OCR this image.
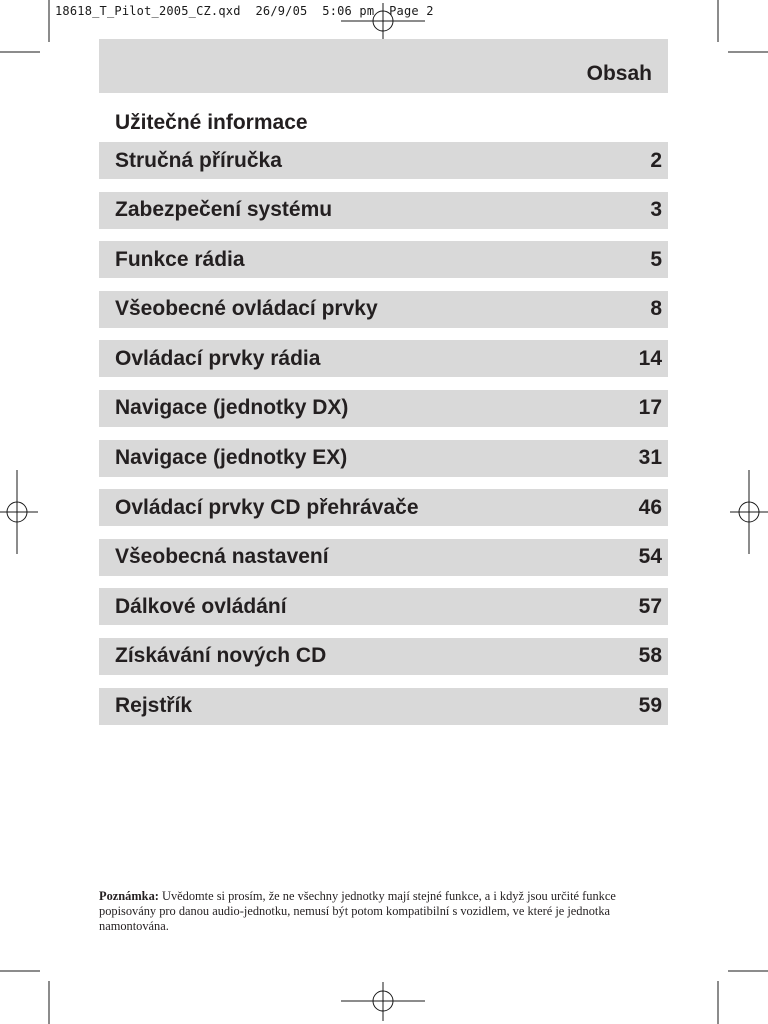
18618_T_Pilot_2005_CZ.qxd  26/9/05  5:06 pm  Page 2
Obsah
Užitečné informace
Stručná příručka	2
Zabezpečení systému	3
Funkce rádia	5
Všeobecné ovládací prvky	8
Ovládací prvky rádia	14
Navigace (jednotky DX)	17
Navigace (jednotky EX)	31
Ovládací prvky CD přehrávače	46
Všeobecná nastavení	54
Dálkové ovládání	57
Získávání nových CD	58
Rejstřík	59
Poznámka: Uvědomte si prosím, že ne všechny jednotky mají stejné funkce, a i když jsou určité funkce popisovány pro danou audio-jednotku, nemusí být potom kompatibilní s vozidlem, ve které je jednotka namontována.
